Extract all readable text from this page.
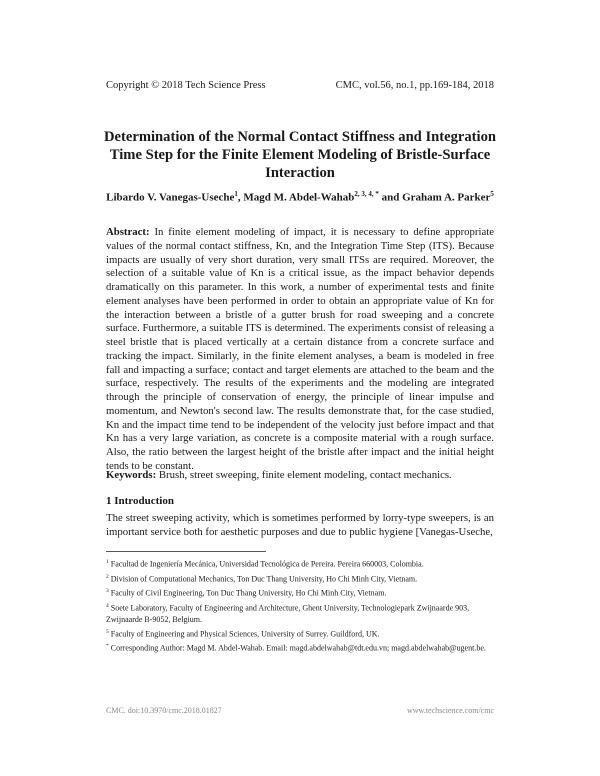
Copyright © 2018 Tech Science Press	CMC, vol.56, no.1, pp.169-184, 2018
Determination of the Normal Contact Stiffness and Integration Time Step for the Finite Element Modeling of Bristle-Surface Interaction
Libardo V. Vanegas-Useche$^1$, Magd M. Abdel-Wahab$^{2, 3, 4, *}$ and Graham A. Parker$^5$
Abstract: In finite element modeling of impact, it is necessary to define appropriate values of the normal contact stiffness, Kn, and the Integration Time Step (ITS). Because impacts are usually of very short duration, very small ITSs are required. Moreover, the selection of a suitable value of Kn is a critical issue, as the impact behavior depends dramatically on this parameter. In this work, a number of experimental tests and finite element analyses have been performed in order to obtain an appropriate value of Kn for the interaction between a bristle of a gutter brush for road sweeping and a concrete surface. Furthermore, a suitable ITS is determined. The experiments consist of releasing a steel bristle that is placed vertically at a certain distance from a concrete surface and tracking the impact. Similarly, in the finite element analyses, a beam is modeled in free fall and impacting a surface; contact and target elements are attached to the beam and the surface, respectively. The results of the experiments and the modeling are integrated through the principle of conservation of energy, the principle of linear impulse and momentum, and Newton's second law. The results demonstrate that, for the case studied, Kn and the impact time tend to be independent of the velocity just before impact and that Kn has a very large variation, as concrete is a composite material with a rough surface. Also, the ratio between the largest height of the bristle after impact and the initial height tends to be constant.
Keywords: Brush, street sweeping, finite element modeling, contact mechanics.
1 Introduction
The street sweeping activity, which is sometimes performed by lorry-type sweepers, is an important service both for aesthetic purposes and due to public hygiene [Vanegas-Useche,
$^1$ Facultad de Ingeniería Mecánica, Universidad Tecnológica de Pereira. Pereira 660003, Colombia.
$^2$ Division of Computational Mechanics, Ton Duc Thang University, Ho Chi Minh City, Vietnam.
$^3$ Faculty of Civil Engineering, Ton Duc Thang University, Ho Chi Minh City, Vietnam.
$^4$ Soete Laboratory, Faculty of Engineering and Architecture, Ghent University, Technologiepark Zwijnaarde 903, Zwijnaarde B-9052, Belgium.
$^5$ Faculty of Engineering and Physical Sciences, University of Surrey. Guildford, UK.
* Corresponding Author: Magd M. Abdel-Wahab. Email: magd.abdelwahab@tdt.edu.vn; magd.abdelwahab@ugent.be.
CMC. doi:10.3970/cmc.2018.01827	www.techscience.com/cmc
